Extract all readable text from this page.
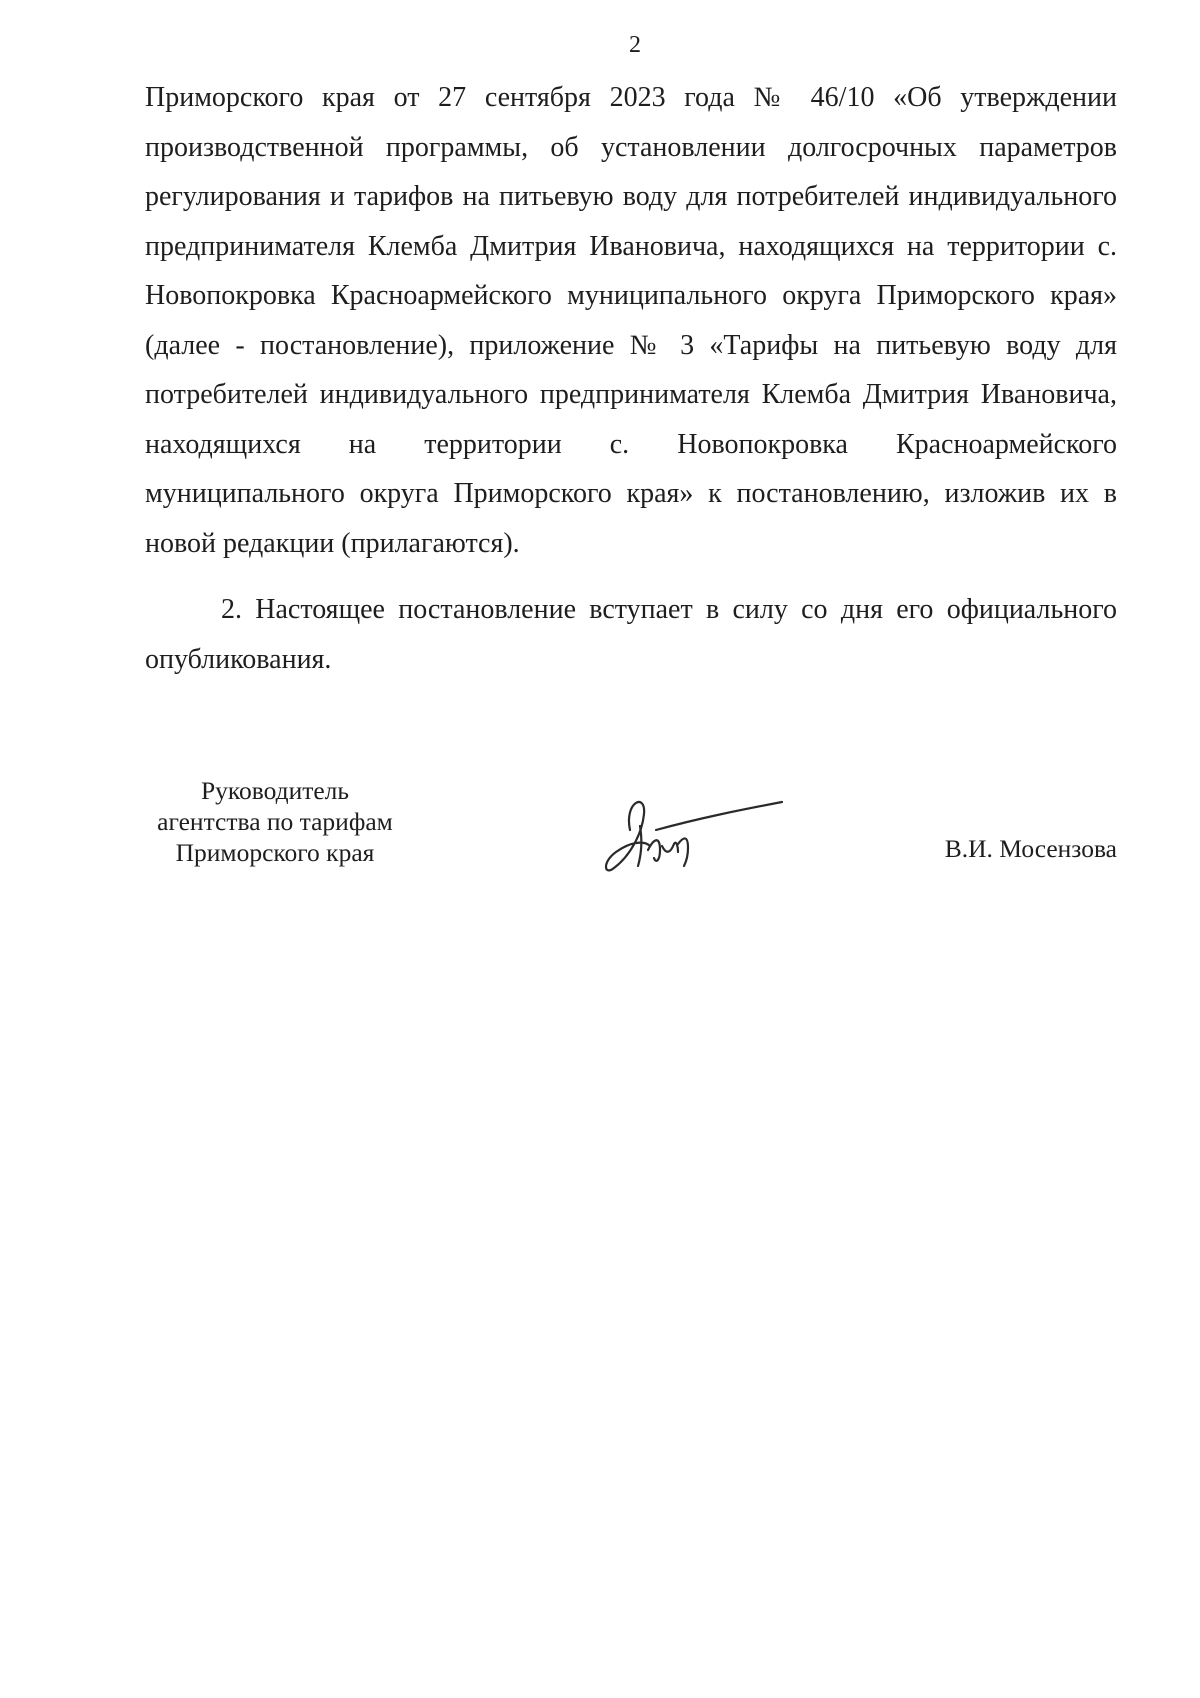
2

Приморского края от 27 сентября 2023 года № 46/10 «Об утверждении производственной программы, об установлении долгосрочных параметров регулирования и тарифов на питьевую воду для потребителей индивидуального предпринимателя Клемба Дмитрия Ивановича, находящихся на территории с. Новопокровка Красноармейского муниципального округа Приморского края» (далее - постановление), приложение № 3 «Тарифы на питьевую воду для потребителей индивидуального предпринимателя Клемба Дмитрия Ивановича, находящихся на территории с. Новопокровка Красноармейского муниципального округа Приморского края» к постановлению, изложив их в новой редакции (прилагаются).

2. Настоящее постановление вступает в силу со дня его официального опубликования.

Руководитель
агентства по тарифам
Приморского края	В.И. Мосензова
